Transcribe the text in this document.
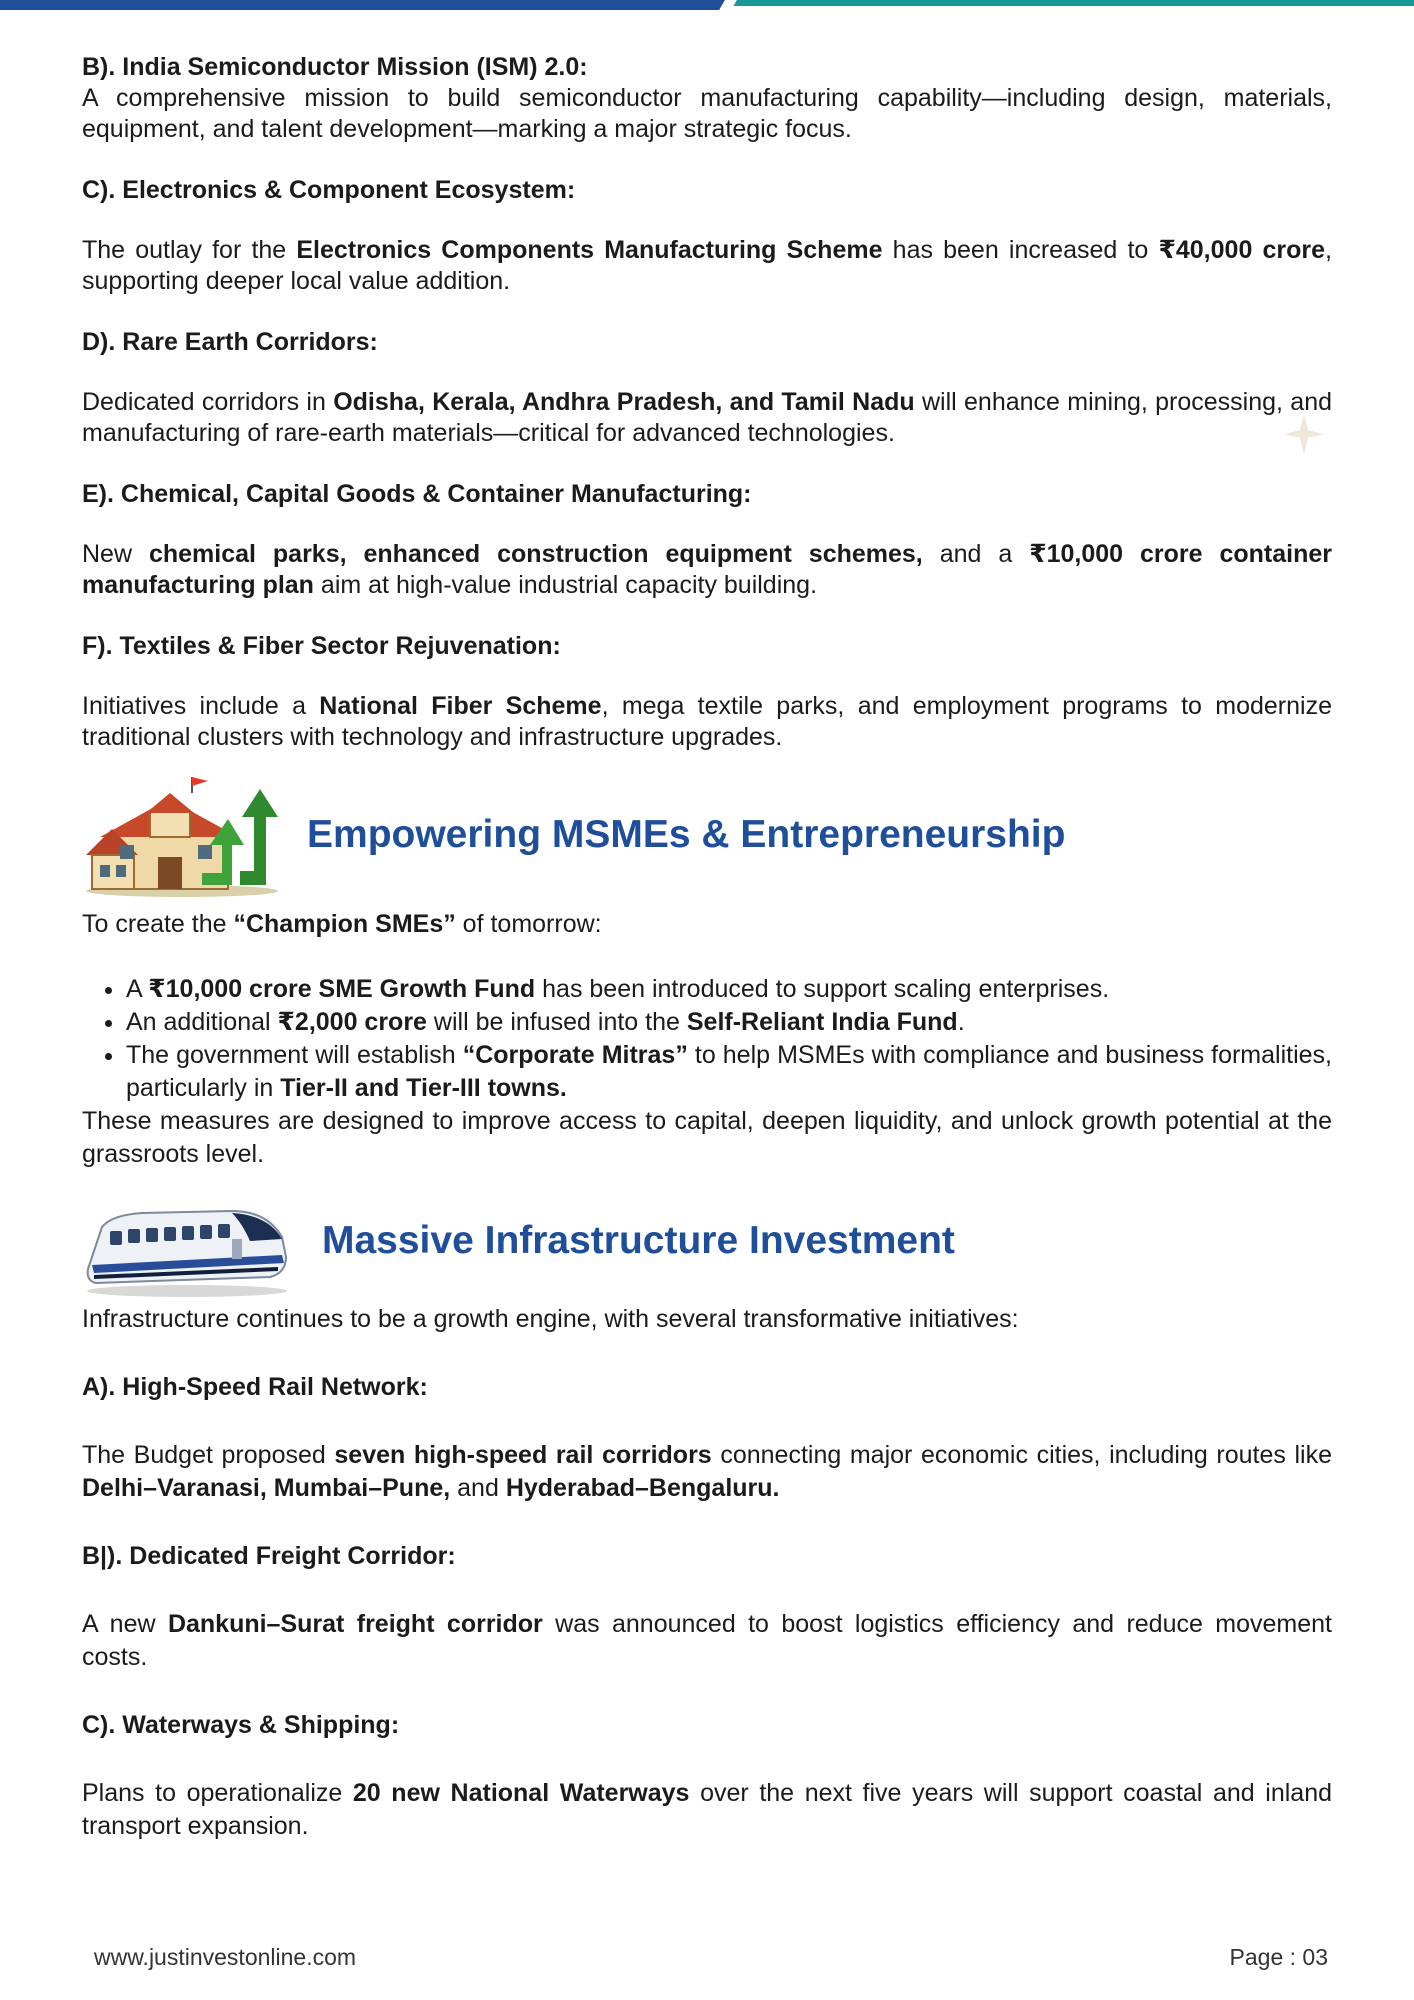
B). India Semiconductor Mission (ISM) 2.0:

A comprehensive mission to build semiconductor manufacturing capability—including design, materials, equipment, and talent development—marking a major strategic focus.

C). Electronics & Component Ecosystem:

The outlay for the Electronics Components Manufacturing Scheme has been increased to ₹40,000 crore, supporting deeper local value addition.

D). Rare Earth Corridors:

Dedicated corridors in Odisha, Kerala, Andhra Pradesh, and Tamil Nadu will enhance mining, processing, and manufacturing of rare-earth materials—critical for advanced technologies.

E). Chemical, Capital Goods & Container Manufacturing:

New chemical parks, enhanced construction equipment schemes, and a ₹10,000 crore container manufacturing plan aim at high-value industrial capacity building.

F). Textiles & Fiber Sector Rejuvenation:

Initiatives include a National Fiber Scheme, mega textile parks, and employment programs to modernize traditional clusters with technology and infrastructure upgrades.

Empowering MSMEs & Entrepreneurship

To create the “Champion SMEs” of tomorrow:

• A ₹10,000 crore SME Growth Fund has been introduced to support scaling enterprises.
• An additional ₹2,000 crore will be infused into the Self-Reliant India Fund.
• The government will establish “Corporate Mitras” to help MSMEs with compliance and business formalities, particularly in Tier-II and Tier-III towns.

These measures are designed to improve access to capital, deepen liquidity, and unlock growth potential at the grassroots level.

Massive Infrastructure Investment

Infrastructure continues to be a growth engine, with several transformative initiatives:

A). High-Speed Rail Network:

The Budget proposed seven high-speed rail corridors connecting major economic cities, including routes like Delhi–Varanasi, Mumbai–Pune, and Hyderabad–Bengaluru.

B|). Dedicated Freight Corridor:

A new Dankuni–Surat freight corridor was announced to boost logistics efficiency and reduce movement costs.

C). Waterways & Shipping:

Plans to operationalize 20 new National Waterways over the next five years will support coastal and inland transport expansion.

www.justinvestonline.com	Page : 03
